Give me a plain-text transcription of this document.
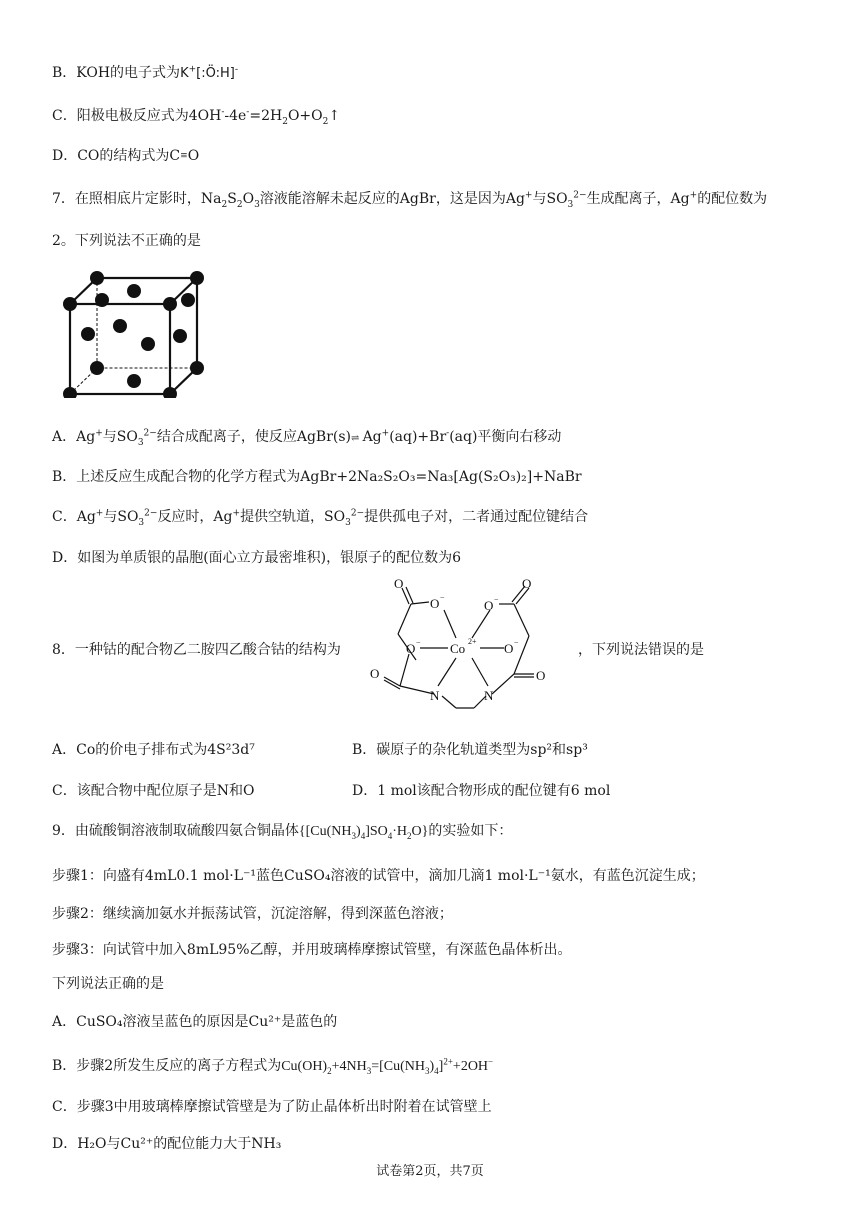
B．KOH的电子式为K+[:Ö:H]-
C．阳极电极反应式为$4OH^--4e^-=2H_2O+O_2↑$
D．CO的结构式为C≡O
7．在照相底片定影时，$Na_2S_2O_3$溶液能溶解未起反应的AgBr，这是因为Ag+与$SO_3^{2-}$生成配离子，Ag+的配位数为
2。下列说法不正确的是
A．Ag+与$SO_3^{2-}$结合成配离子，使反应AgBr(s)⇌ Ag+(aq)+Br-(aq)平衡向右移动
B．上述反应生成配合物的化学方程式为AgBr+2Na₂S₂O₃=Na₃[Ag(S₂O₃)₂]+NaBr
C．Ag+与$SO_3^{2-}$反应时，Ag+提供空轨道，$SO_3^{2-}$提供孤电子对，二者通过配位键结合
D．如图为单质银的晶胞(面心立方最密堆积)，银原子的配位数为6
8．一种钴的配合物乙二胺四乙酸合钴的结构为
O
O −
O
O −
O −	O −
O	O
Co 2+
N	N
，下列说法错误的是
A．Co的价电子排布式为4S²3d⁷	B．碳原子的杂化轨道类型为sp²和sp³
C．该配合物中配位原子是N和O	D．1 mol该配合物形成的配位键有6 mol
9．由硫酸铜溶液制取硫酸四氨合铜晶体$\{[Cu(NH_3)_4]SO_4\cdot H_2O\}$的实验如下：
步骤1：向盛有4mL0.1 mol·L⁻¹蓝色CuSO₄溶液的试管中，滴加几滴1 mol·L⁻¹氨水，有蓝色沉淀生成；
步骤2：继续滴加氨水并振荡试管，沉淀溶解，得到深蓝色溶液；
步骤3：向试管中加入8mL95%乙醇，并用玻璃棒摩擦试管壁，有深蓝色晶体析出。
下列说法正确的是
A．CuSO₄溶液呈蓝色的原因是Cu²⁺是蓝色的
B．步骤2所发生反应的离子方程式为$Cu(OH)_2+4NH_3=[Cu(NH_3)_4]^{2+}+2OH^-$
C．步骤3中用玻璃棒摩擦试管壁是为了防止晶体析出时附着在试管壁上
D．H₂O与Cu²⁺的配位能力大于NH₃
试卷第2页，共7页
